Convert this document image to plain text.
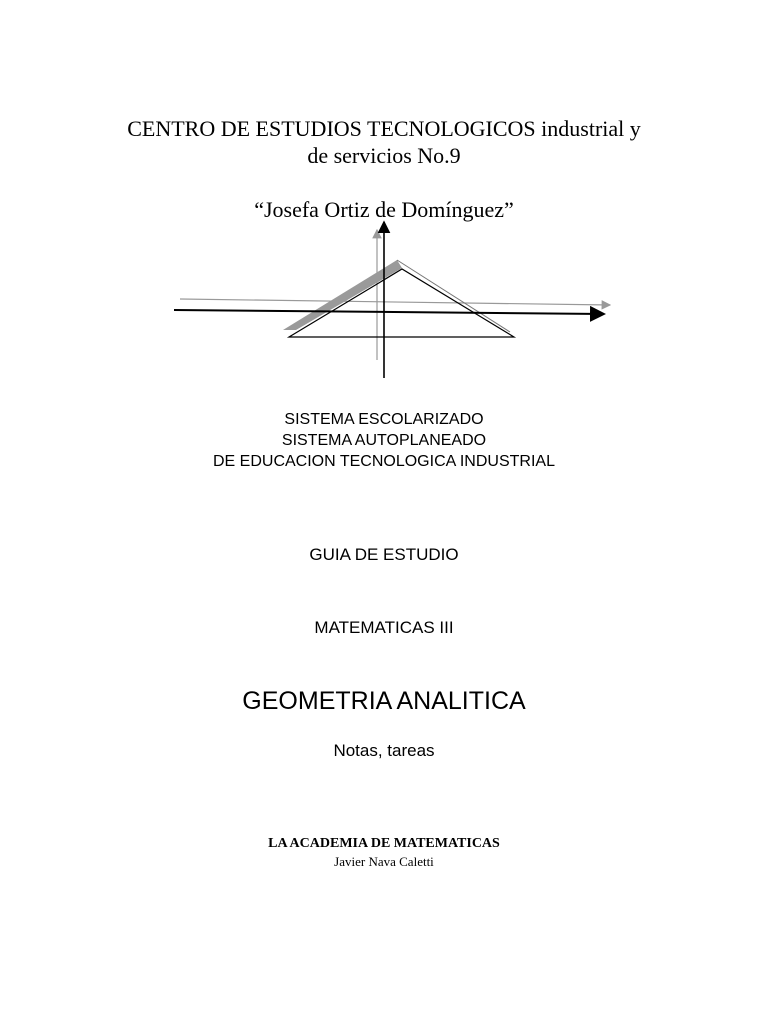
CENTRO DE ESTUDIOS TECNOLOGICOS industrial y
de servicios No.9
“Josefa Ortiz de Domínguez”
SISTEMA ESCOLARIZADO
SISTEMA AUTOPLANEADO
DE EDUCACION TECNOLOGICA INDUSTRIAL
GUIA DE ESTUDIO
MATEMATICAS III
GEOMETRIA ANALITICA
Notas, tareas
LA ACADEMIA DE MATEMATICAS
Javier Nava Caletti
